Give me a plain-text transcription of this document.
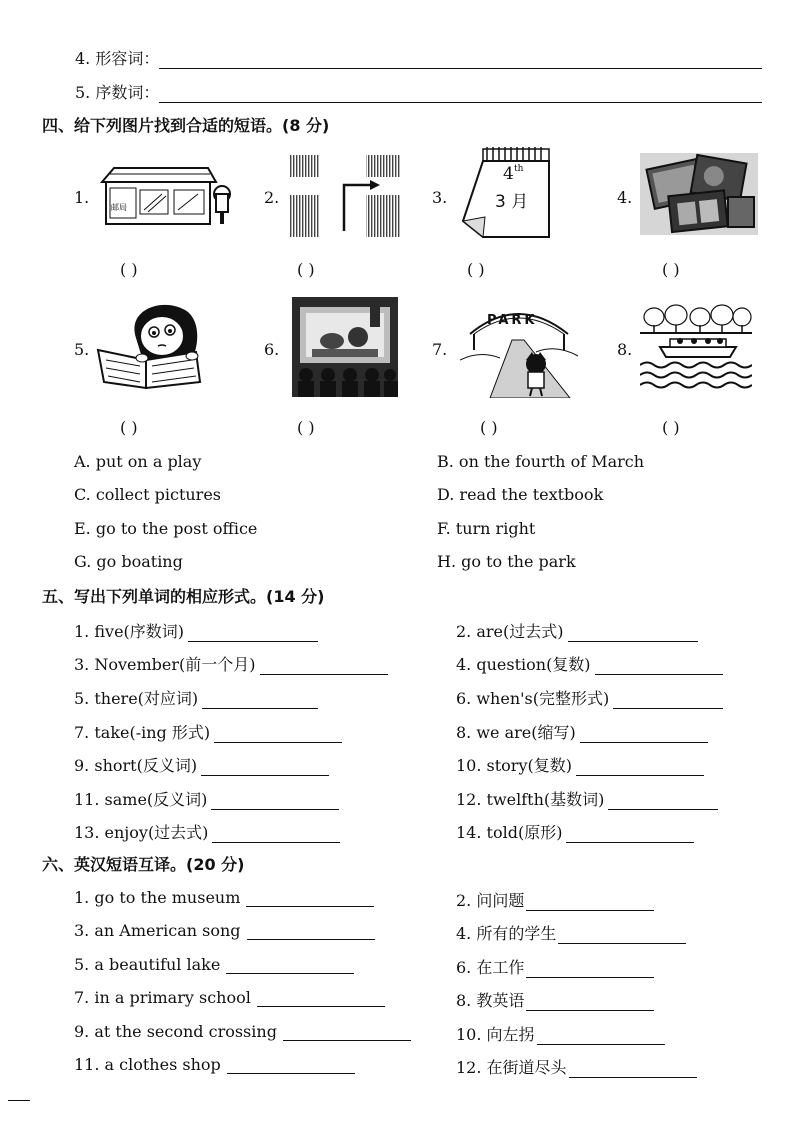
4. 形容词：
5. 序数词：
四、给下列图片找到合适的短语。(8 分)
1.	2.	3.	4.
邮局
4 th
3 月
( )	( )	( )	( )
5.	6.	7.	8.
PARK
( )	( )	( )	( )
A. put on a play	B. on the fourth of March
C. collect pictures	D. read the textbook
E. go to the post office	F. turn right
G. go boating	H. go to the park
五、写出下列单词的相应形式。(14 分)
1. five(序数词)	2. are(过去式)
3. November(前一个月)	4. question(复数)
5. there(对应词)	6. when's(完整形式)
7. take(-ing 形式)	8. we are(缩写)
9. short(反义词)	10. story(复数)
11. same(反义词)	12. twelfth(基数词)
13. enjoy(过去式)	14. told(原形)
六、英汉短语互译。(20 分)
1. go to the museum	2. 问问题
3. an American song	4. 所有的学生
5. a beautiful lake	6. 在工作
7. in a primary school	8. 教英语
9. at the second crossing	10. 向左拐
11. a clothes shop	12. 在街道尽头
